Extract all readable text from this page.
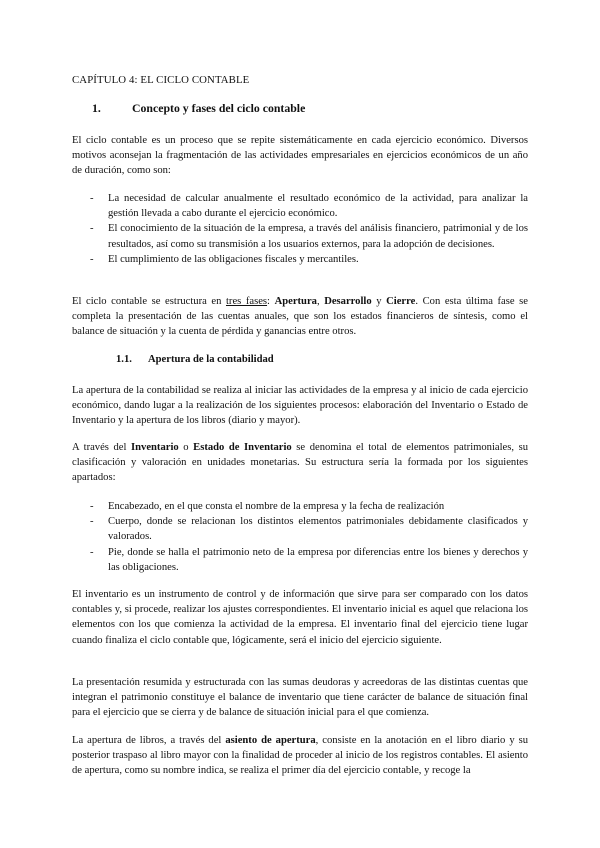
CAPÍTULO 4: EL CICLO CONTABLE
1.	Concepto y fases del ciclo contable

El ciclo contable es un proceso que se repite sistemáticamente en cada ejercicio económico. Diversos motivos aconsejan la fragmentación de las actividades empresariales en ejercicios económicos de un año de duración, como son:

- La necesidad de calcular anualmente el resultado económico de la actividad, para analizar la gestión llevada a cabo durante el ejercicio económico.
- El conocimiento de la situación de la empresa, a través del análisis financiero, patrimonial y de los resultados, así como su transmisión a los usuarios externos, para la adopción de decisiones.
- El cumplimiento de las obligaciones fiscales y mercantiles.

El ciclo contable se estructura en tres fases: Apertura, Desarrollo y Cierre. Con esta última fase se completa la presentación de las cuentas anuales, que son los estados financieros de síntesis, como el balance de situación y la cuenta de pérdida y ganancias entre otros.

1.1. Apertura de la contabilidad

La apertura de la contabilidad se realiza al iniciar las actividades de la empresa y al inicio de cada ejercicio económico, dando lugar a la realización de los siguientes procesos: elaboración del Inventario o Estado de Inventario y la apertura de los libros (diario y mayor).

A través del Inventario o Estado de Inventario se denomina el total de elementos patrimoniales, su clasificación y valoración en unidades monetarias. Su estructura sería la formada por los siguientes apartados:

- Encabezado, en el que consta el nombre de la empresa y la fecha de realización
- Cuerpo, donde se relacionan los distintos elementos patrimoniales debidamente clasificados y valorados.
- Pie, donde se halla el patrimonio neto de la empresa por diferencias entre los bienes y derechos y las obligaciones.

El inventario es un instrumento de control y de información que sirve para ser comparado con los datos contables y, si procede, realizar los ajustes correspondientes. El inventario inicial es aquel que relaciona los elementos con los que comienza la actividad de la empresa. El inventario final del ejercicio tiene lugar cuando finaliza el ciclo contable que, lógicamente, será el inicio del ejercicio siguiente.

La presentación resumida y estructurada con las sumas deudoras y acreedoras de las distintas cuentas que integran el patrimonio constituye el balance de inventario que tiene carácter de balance de situación final para el ejercicio que se cierra y de balance de situación inicial para el que comienza.

La apertura de libros, a través del asiento de apertura, consiste en la anotación en el libro diario y su posterior traspaso al libro mayor con la finalidad de proceder al inicio de los registros contables. El asiento de apertura, como su nombre indica, se realiza el primer día del ejercicio contable, y recoge la
